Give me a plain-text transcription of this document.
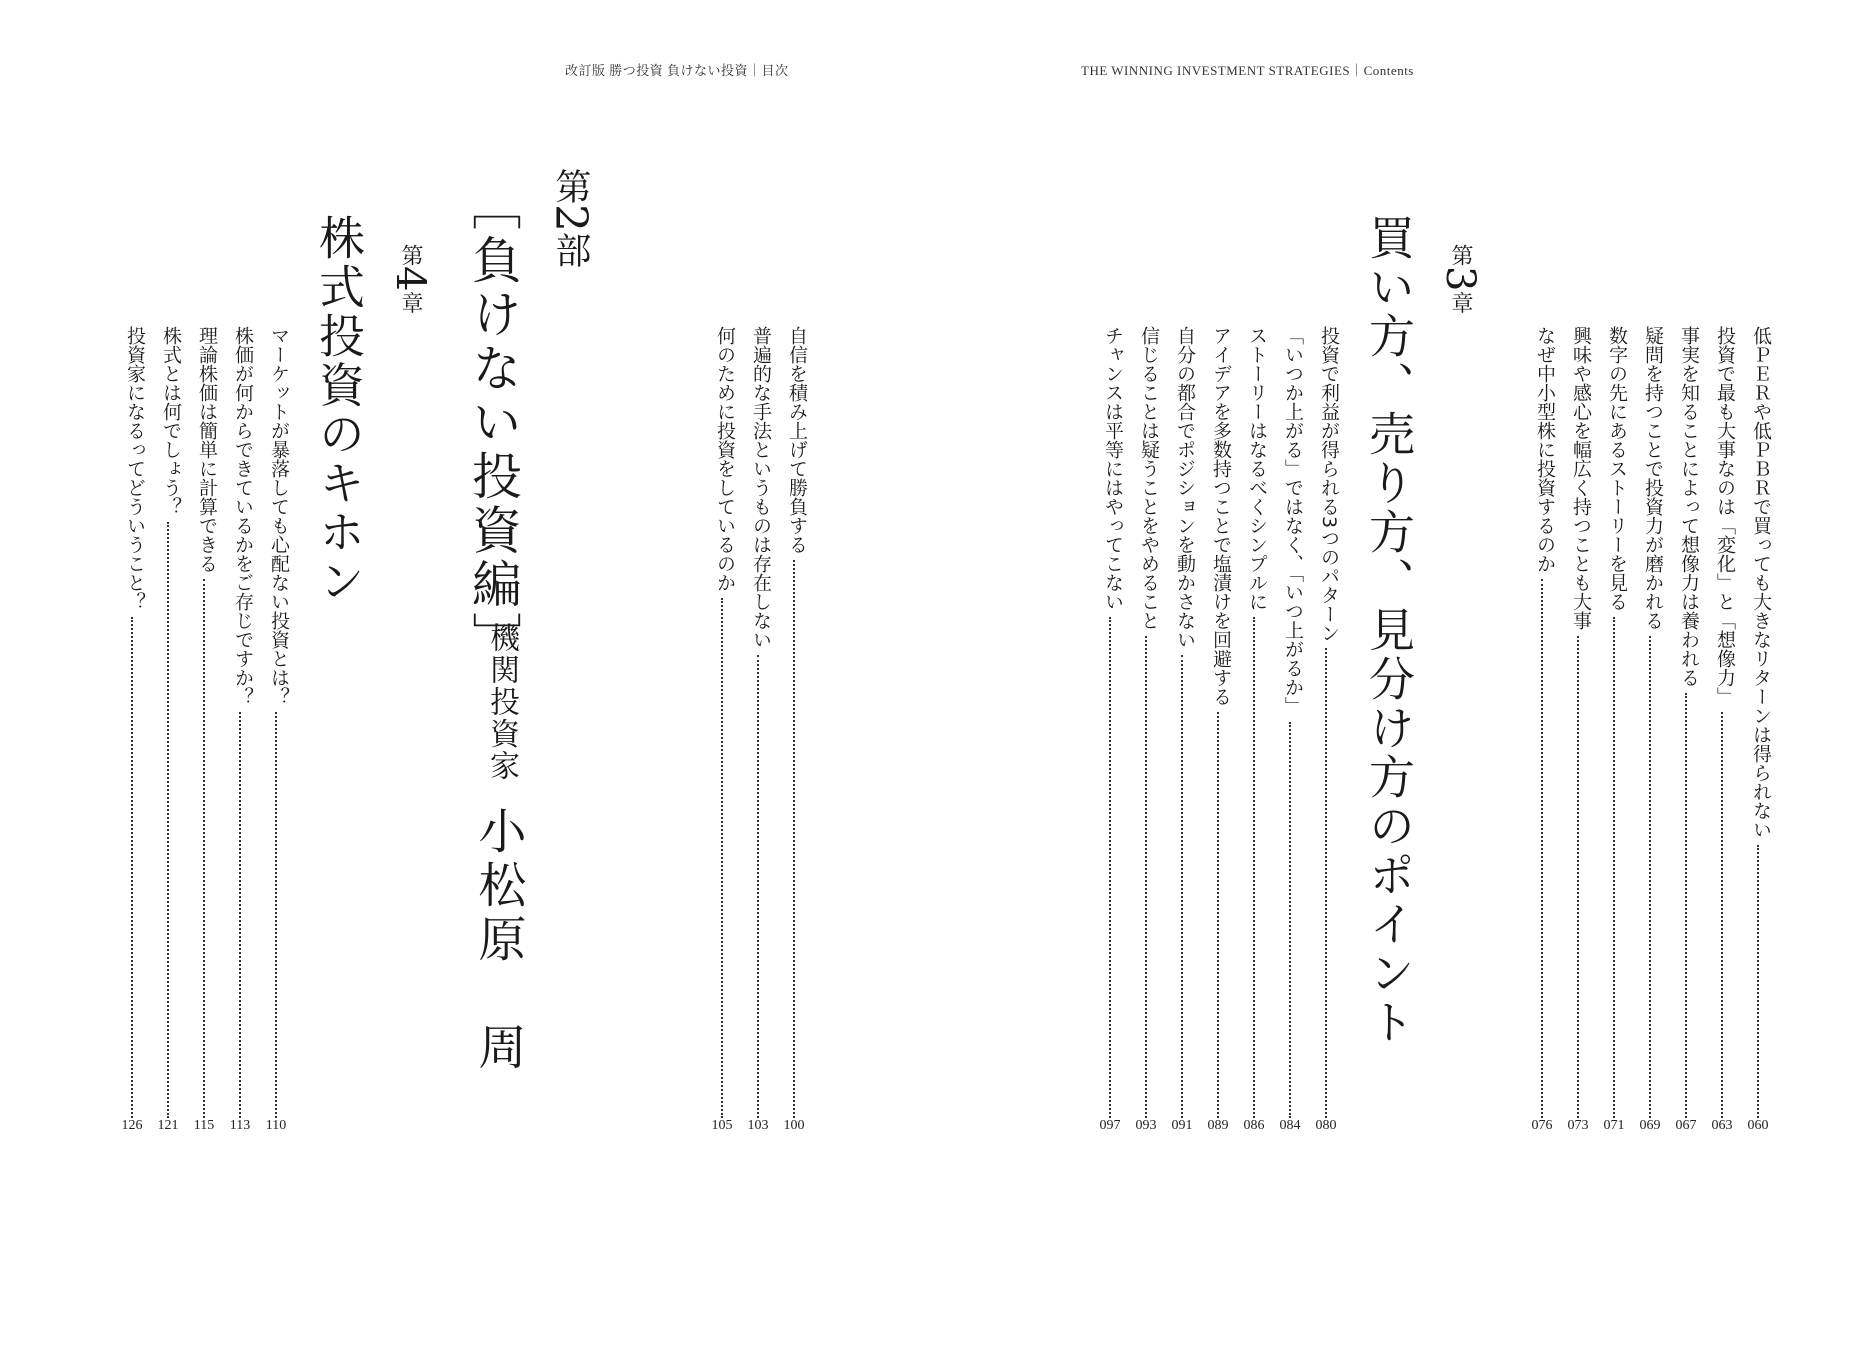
改訂版 勝つ投資 負けない投資｜目次	THE WINNING INVESTMENT STRATEGIES｜Contents
第2部
［負けない投資編］
機関投資家
小松原　周
第4章
株式投資のキホン
マーケットが暴落しても心配ない投資とは？
株価が何からできているかをご存じですか？
理論株価は簡単に計算できる
株式とは何でしょう？
投資家になるってどういうこと？
110
113
115
121
126
自信を積み上げて勝負する
普遍的な手法というものは存在しない
何のために投資をしているのか
100
103
105
低ＰＥＲや低ＰＢＲで買っても大きなリターンは得られない
投資で最も大事なのは「変化」と「想像力」
事実を知ることによって想像力は養われる
疑問を持つことで投資力が磨かれる
数字の先にあるストーリーを見る
興味や感心を幅広く持つことも大事
なぜ中小型株に投資するのか
060
063
067
069
071
073
076
第3章
買い方、売り方、見分け方のポイント
投資で利益が得られる3つのパターン
「いつか上がる」ではなく、「いつ上がるか」
ストーリーはなるべくシンプルに
アイデアを多数持つことで塩漬けを回避する
自分の都合でポジションを動かさない
信じることは疑うことをやめること
チャンスは平等にはやってこない
080
084
086
089
091
093
097
